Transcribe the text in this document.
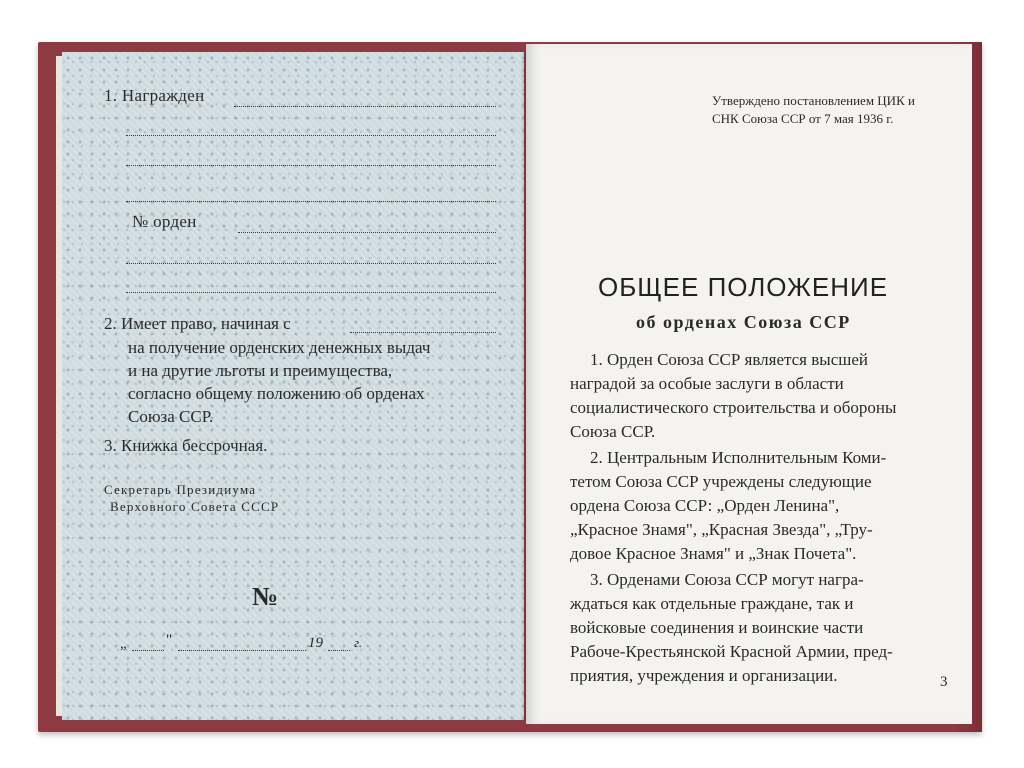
1. Награжден
№ орден
2. Имеет право, начиная с
на получение орденских денежных выдач
и на другие льготы и преимущества,
согласно общему положению об орденах
Союза ССР.
3. Книжка бессрочная.
Секретарь Президиума
Верховного Совета СССР
№
„	"	19 г.
Утверждено постановлением ЦИК и
СНК Союза ССР от 7 мая 1936 г.
ОБЩЕЕ ПОЛОЖЕНИЕ
об орденах Союза ССР
1. Орден Союза ССР является высшей
наградой за особые заслуги в области
социалистического строительства и обороны
Союза ССР.
2. Центральным Исполнительным Коми-
тетом Союза ССР учреждены следующие
ордена Союза ССР: „Орден Ленина",
„Красное Знамя", „Красная Звезда", „Тру-
довое Красное Знамя" и „Знак Почета".
3. Орденами Союза ССР могут награ-
ждаться как отдельные граждане, так и
войсковые соединения и воинские части
Рабоче-Крестьянской Красной Армии, пред-
приятия, учреждения и организации.	3
